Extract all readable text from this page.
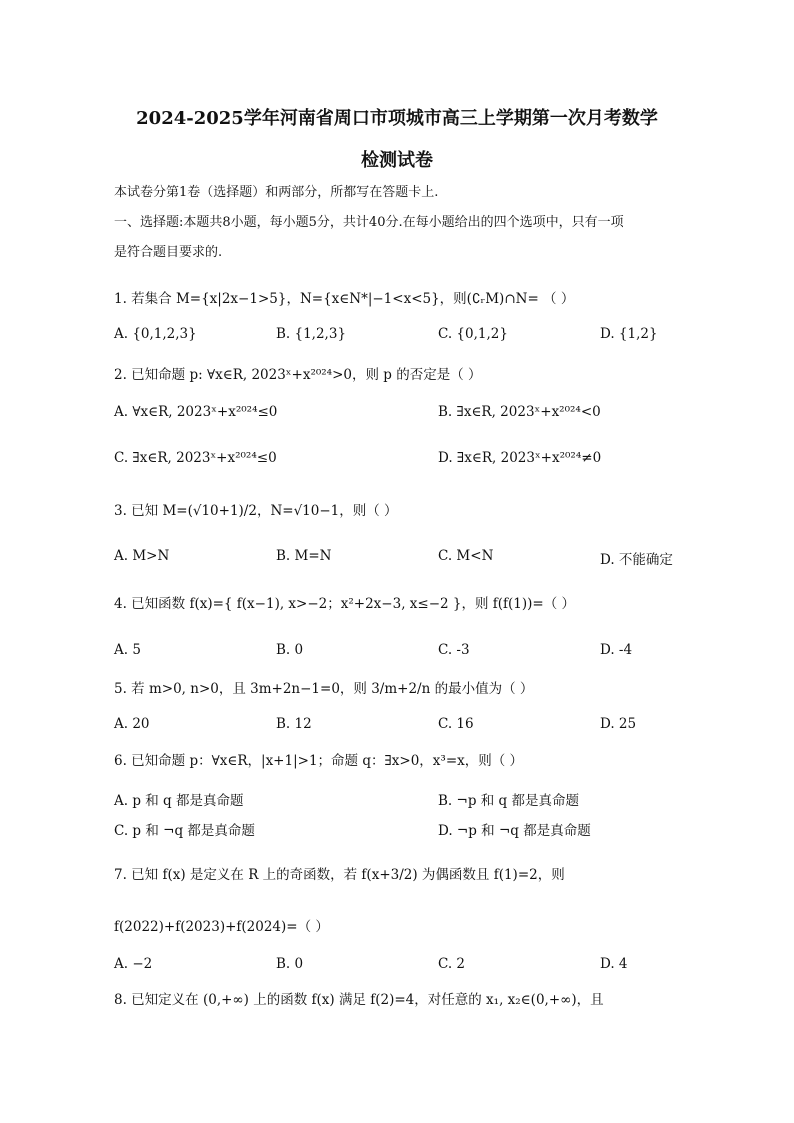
2024-2025学年河南省周口市项城市高三上学期第一次月考数学
检测试卷
本试卷分第1卷（选择题）和两部分，所都写在答题卡上.
一、选择题:本题共8小题，每小题5分，共计40分.在每小题给出的四个选项中，只有一项
是符合题目要求的.
1. 若集合 M={x|2x−1>5}，N={x∈N*|−1<x<5}，则(∁ᵣM)∩N= （ ）
A. {0,1,2,3}	B. {1,2,3}	C. {0,1,2}	D. {1,2}
2. 已知命题 p: ∀x∈R, 2023ˣ+x²⁰²⁴>0，则 p 的否定是（ ）
A. ∀x∈R, 2023ˣ+x²⁰²⁴≤0	B. ∃x∈R, 2023ˣ+x²⁰²⁴<0
C. ∃x∈R, 2023ˣ+x²⁰²⁴≤0	D. ∃x∈R, 2023ˣ+x²⁰²⁴≠0
3. 已知 M=(√10+1)/2，N=√10−1，则（ ）
A. M>N	B. M=N	C. M<N	D. 不能确定
4. 已知函数 f(x)={ f(x−1), x>−2；x²+2x−3, x≤−2 }，则 f(f(1))=（ ）
A. 5	B. 0	C. -3	D. -4
5. 若 m>0, n>0，且 3m+2n−1=0，则 3/m+2/n 的最小值为（ ）
A. 20	B. 12	C. 16	D. 25
6. 已知命题 p：∀x∈R，|x+1|>1；命题 q：∃x>0，x³=x，则（ ）
A. p 和 q 都是真命题	B. ¬p 和 q 都是真命题
C. p 和 ¬q 都是真命题	D. ¬p 和 ¬q 都是真命题
7. 已知 f(x) 是定义在 R 上的奇函数，若 f(x+3/2) 为偶函数且 f(1)=2，则
f(2022)+f(2023)+f(2024)=（ ）
A. −2	B. 0	C. 2	D. 4
8. 已知定义在 (0,+∞) 上的函数 f(x) 满足 f(2)=4，对任意的 x₁, x₂∈(0,+∞)，且
